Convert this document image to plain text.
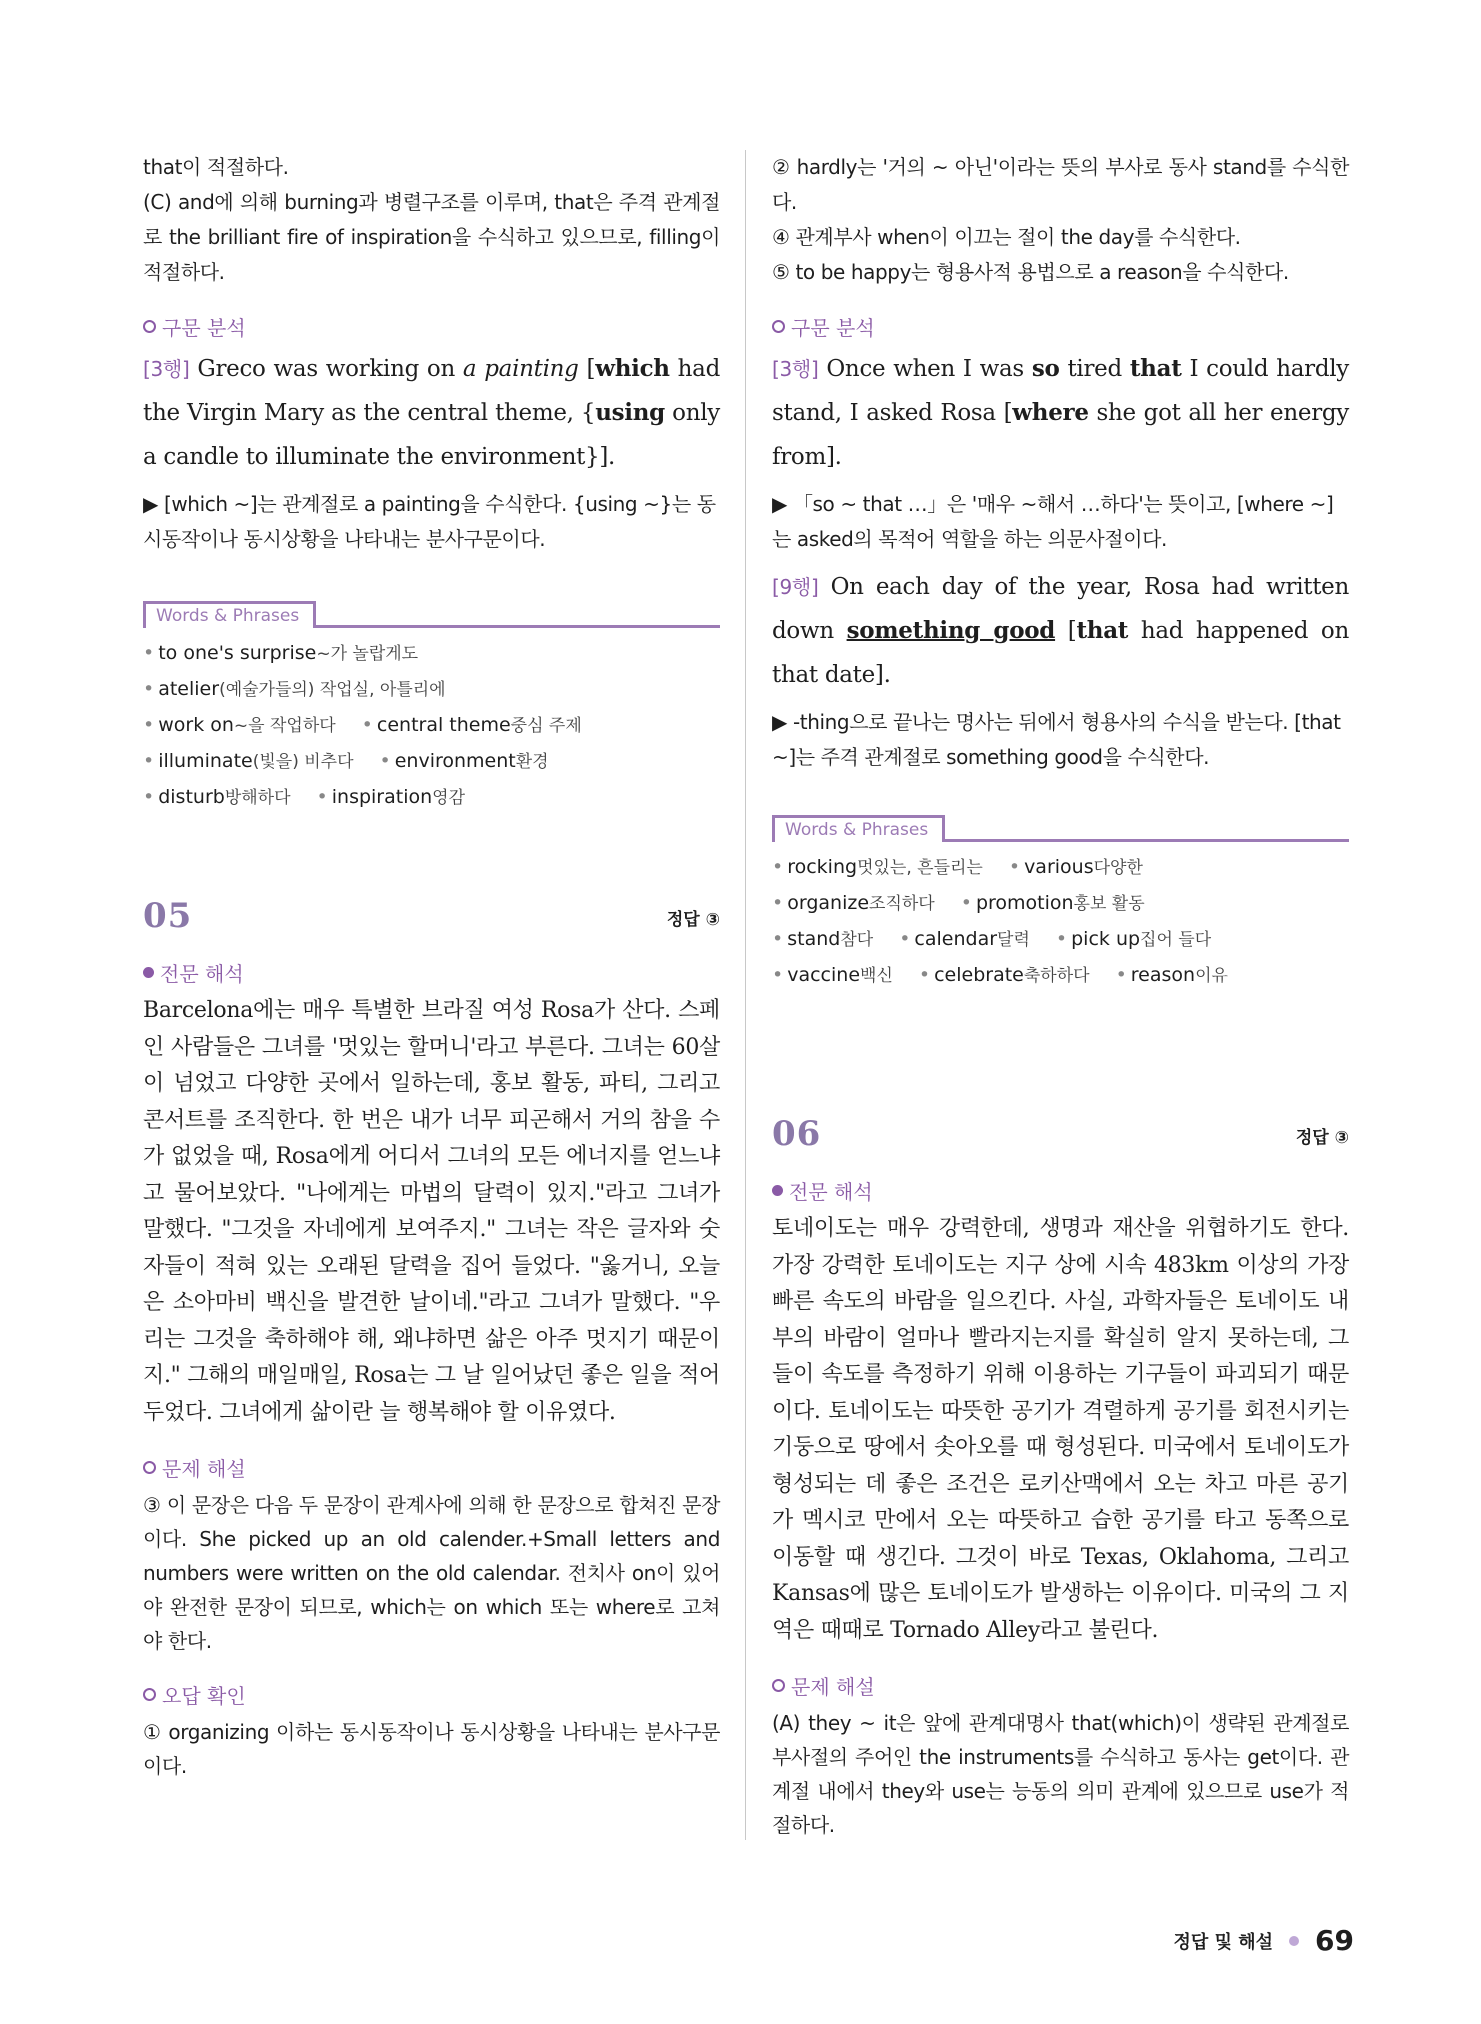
that이 적절하다.

(C) and에 의해 burning과 병렬구조를 이루며, that은 주격 관계절로 the brilliant fire of inspiration을 수식하고 있으므로, filling이 적절하다.

구문 분석

[3행] Greco was working on a painting [which had the Virgin Mary as the central theme, {using only a candle to illuminate the environment}].

▶ [which ~]는 관계절로 a painting을 수식한다. {using ~}는 동시동작이나 동시상황을 나타내는 분사구문이다.

Words & Phrases
• to one's surprise~가 놀랍게도
• atelier(예술가들의) 작업실, 아틀리에
• work on~을 작업하다 • central theme중심 주제
• illuminate(빛을) 비추다 • environment환경
• disturb방해하다 • inspiration영감
05	정답 ③
전문 해석

Barcelona에는 매우 특별한 브라질 여성 Rosa가 산다. 스페인 사람들은 그녀를 '멋있는 할머니'라고 부른다. 그녀는 60살이 넘었고 다양한 곳에서 일하는데, 홍보 활동, 파티, 그리고 콘서트를 조직한다. 한 번은 내가 너무 피곤해서 거의 참을 수가 없었을 때, Rosa에게 어디서 그녀의 모든 에너지를 얻느냐고 물어보았다. "나에게는 마법의 달력이 있지."라고 그녀가 말했다. "그것을 자네에게 보여주지." 그녀는 작은 글자와 숫자들이 적혀 있는 오래된 달력을 집어 들었다. "옳거니, 오늘은 소아마비 백신을 발견한 날이네."라고 그녀가 말했다. "우리는 그것을 축하해야 해, 왜냐하면 삶은 아주 멋지기 때문이지." 그해의 매일매일, Rosa는 그 날 일어났던 좋은 일을 적어두었다. 그녀에게 삶이란 늘 행복해야 할 이유였다.

문제 해설

③ 이 문장은 다음 두 문장이 관계사에 의해 한 문장으로 합쳐진 문장이다. She picked up an old calender.+Small letters and numbers were written on the old calendar. 전치사 on이 있어야 완전한 문장이 되므로, which는 on which 또는 where로 고쳐야 한다.

오답 확인

① organizing 이하는 동시동작이나 동시상황을 나타내는 분사구문이다.

② hardly는 '거의 ~ 아닌'이라는 뜻의 부사로 동사 stand를 수식한다.

④ 관계부사 when이 이끄는 절이 the day를 수식한다.

⑤ to be happy는 형용사적 용법으로 a reason을 수식한다.

구문 분석

[3행] Once when I was so tired that I could hardly stand, I asked Rosa [where she got all her energy from].

▶ 「so ~ that …」은 '매우 ~해서 …하다'는 뜻이고, [where ~]는 asked의 목적어 역할을 하는 의문사절이다.

[9행] On each day of the year, Rosa had written down something good [that had happened on that date].

▶ -thing으로 끝나는 명사는 뒤에서 형용사의 수식을 받는다. [that ~]는 주격 관계절로 something good을 수식한다.

Words & Phrases
• rocking멋있는, 흔들리는 • various다양한
• organize조직하다 • promotion홍보 활동
• stand참다 • calendar달력 • pick up집어 들다
• vaccine백신 • celebrate축하하다 • reason이유
06	정답 ③
전문 해석

토네이도는 매우 강력한데, 생명과 재산을 위협하기도 한다. 가장 강력한 토네이도는 지구 상에 시속 483km 이상의 가장 빠른 속도의 바람을 일으킨다. 사실, 과학자들은 토네이도 내부의 바람이 얼마나 빨라지는지를 확실히 알지 못하는데, 그들이 속도를 측정하기 위해 이용하는 기구들이 파괴되기 때문이다. 토네이도는 따뜻한 공기가 격렬하게 공기를 회전시키는 기둥으로 땅에서 솟아오를 때 형성된다. 미국에서 토네이도가 형성되는 데 좋은 조건은 로키산맥에서 오는 차고 마른 공기가 멕시코 만에서 오는 따뜻하고 습한 공기를 타고 동쪽으로 이동할 때 생긴다. 그것이 바로 Texas, Oklahoma, 그리고 Kansas에 많은 토네이도가 발생하는 이유이다. 미국의 그 지역은 때때로 Tornado Alley라고 불린다.

문제 해설

(A) they ~ it은 앞에 관계대명사 that(which)이 생략된 관계절로 부사절의 주어인 the instruments를 수식하고 동사는 get이다. 관계절 내에서 they와 use는 능동의 의미 관계에 있으므로 use가 적절하다.

정답 및 해설 69
